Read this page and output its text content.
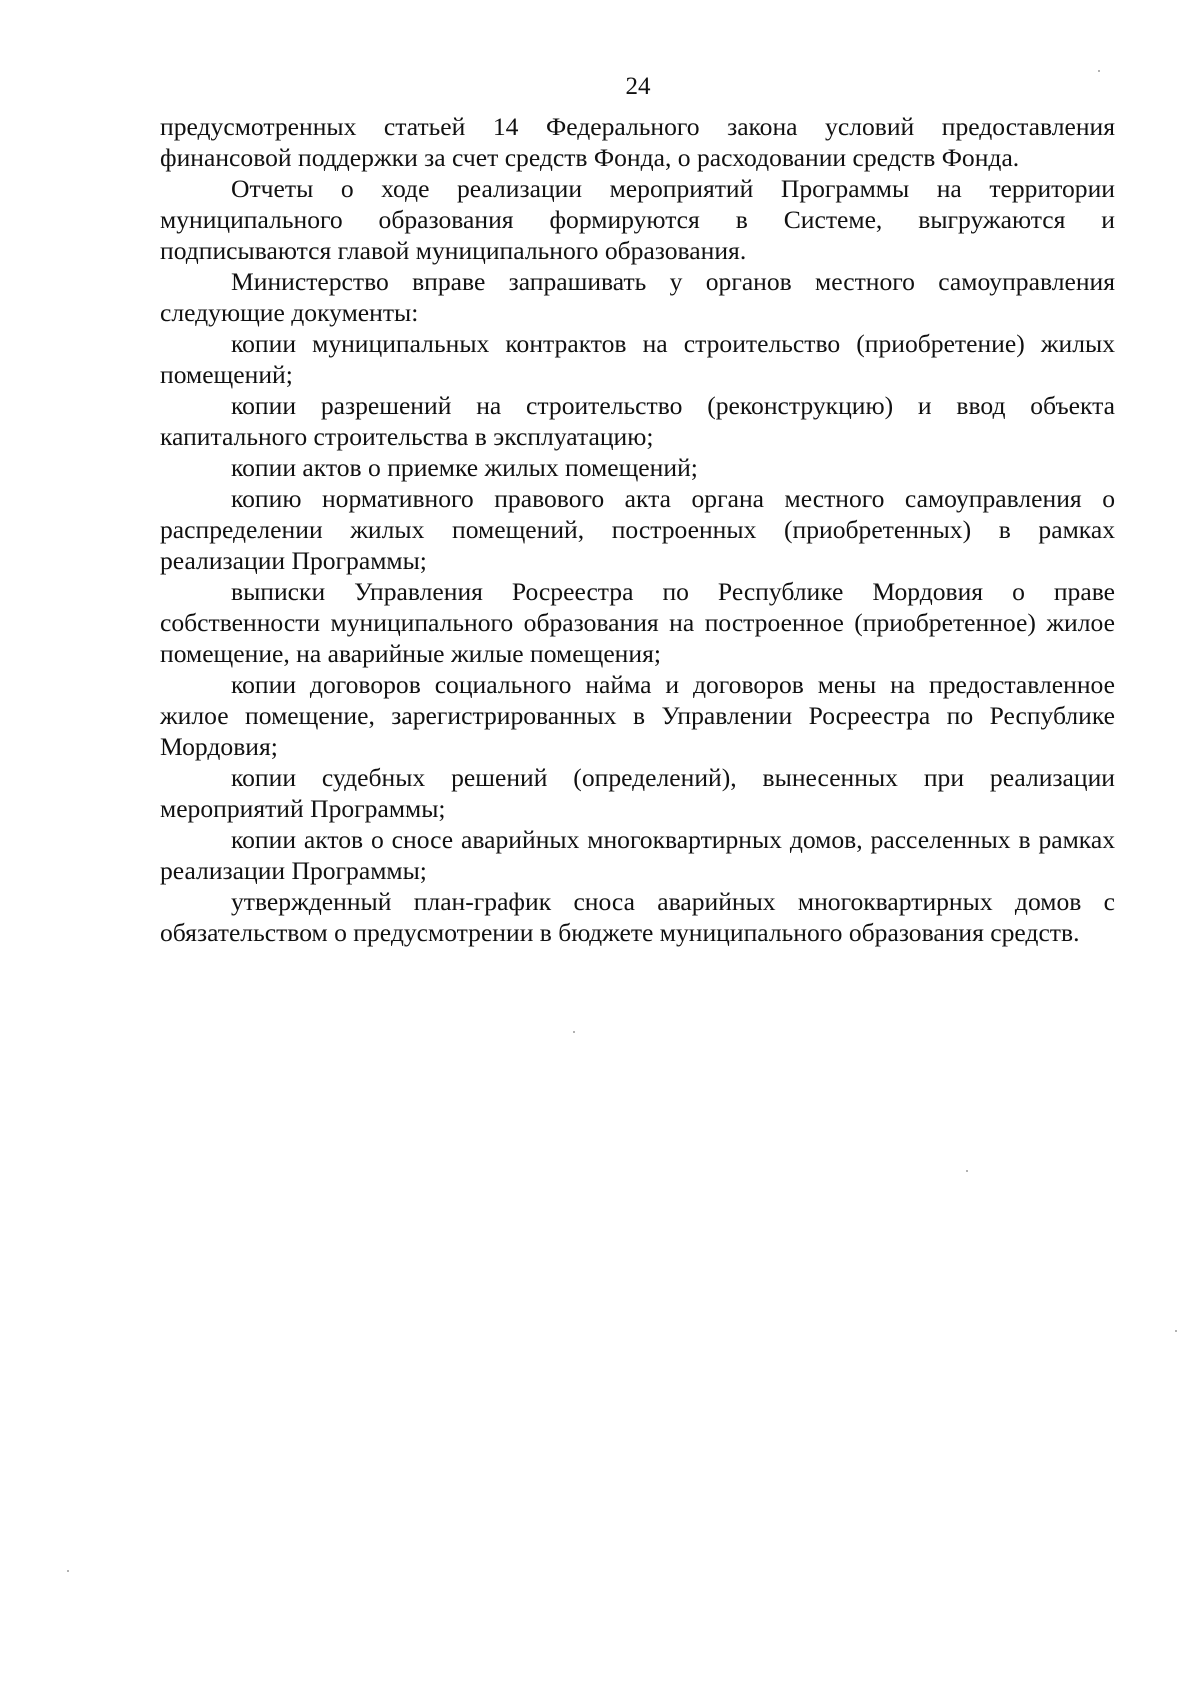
24

предусмотренных статьей 14 Федерального закона условий предоставления финансовой поддержки за счет средств Фонда, о расходовании средств Фонда.

Отчеты о ходе реализации мероприятий Программы на территории муниципального образования формируются в Системе, выгружаются и подписываются главой муниципального образования.

Министерство вправе запрашивать у органов местного самоуправления следующие документы:

копии муниципальных контрактов на строительство (приобретение) жилых помещений;

копии разрешений на строительство (реконструкцию) и ввод объекта капитального строительства в эксплуатацию;

копии актов о приемке жилых помещений;

копию нормативного правового акта органа местного самоуправления о распределении жилых помещений, построенных (приобретенных) в рамках реализации Программы;

выписки Управления Росреестра по Республике Мордовия о праве собственности муниципального образования на построенное (приобретенное) жилое помещение, на аварийные жилые помещения;

копии договоров социального найма и договоров мены на предоставленное жилое помещение, зарегистрированных в Управлении Росреестра по Республике Мордовия;

копии судебных решений (определений), вынесенных при реализации мероприятий Программы;

копии актов о сносе аварийных многоквартирных домов, расселенных в рамках реализации Программы;

утвержденный план-график сноса аварийных многоквартирных домов с обязательством о предусмотрении в бюджете муниципального образования средств.
